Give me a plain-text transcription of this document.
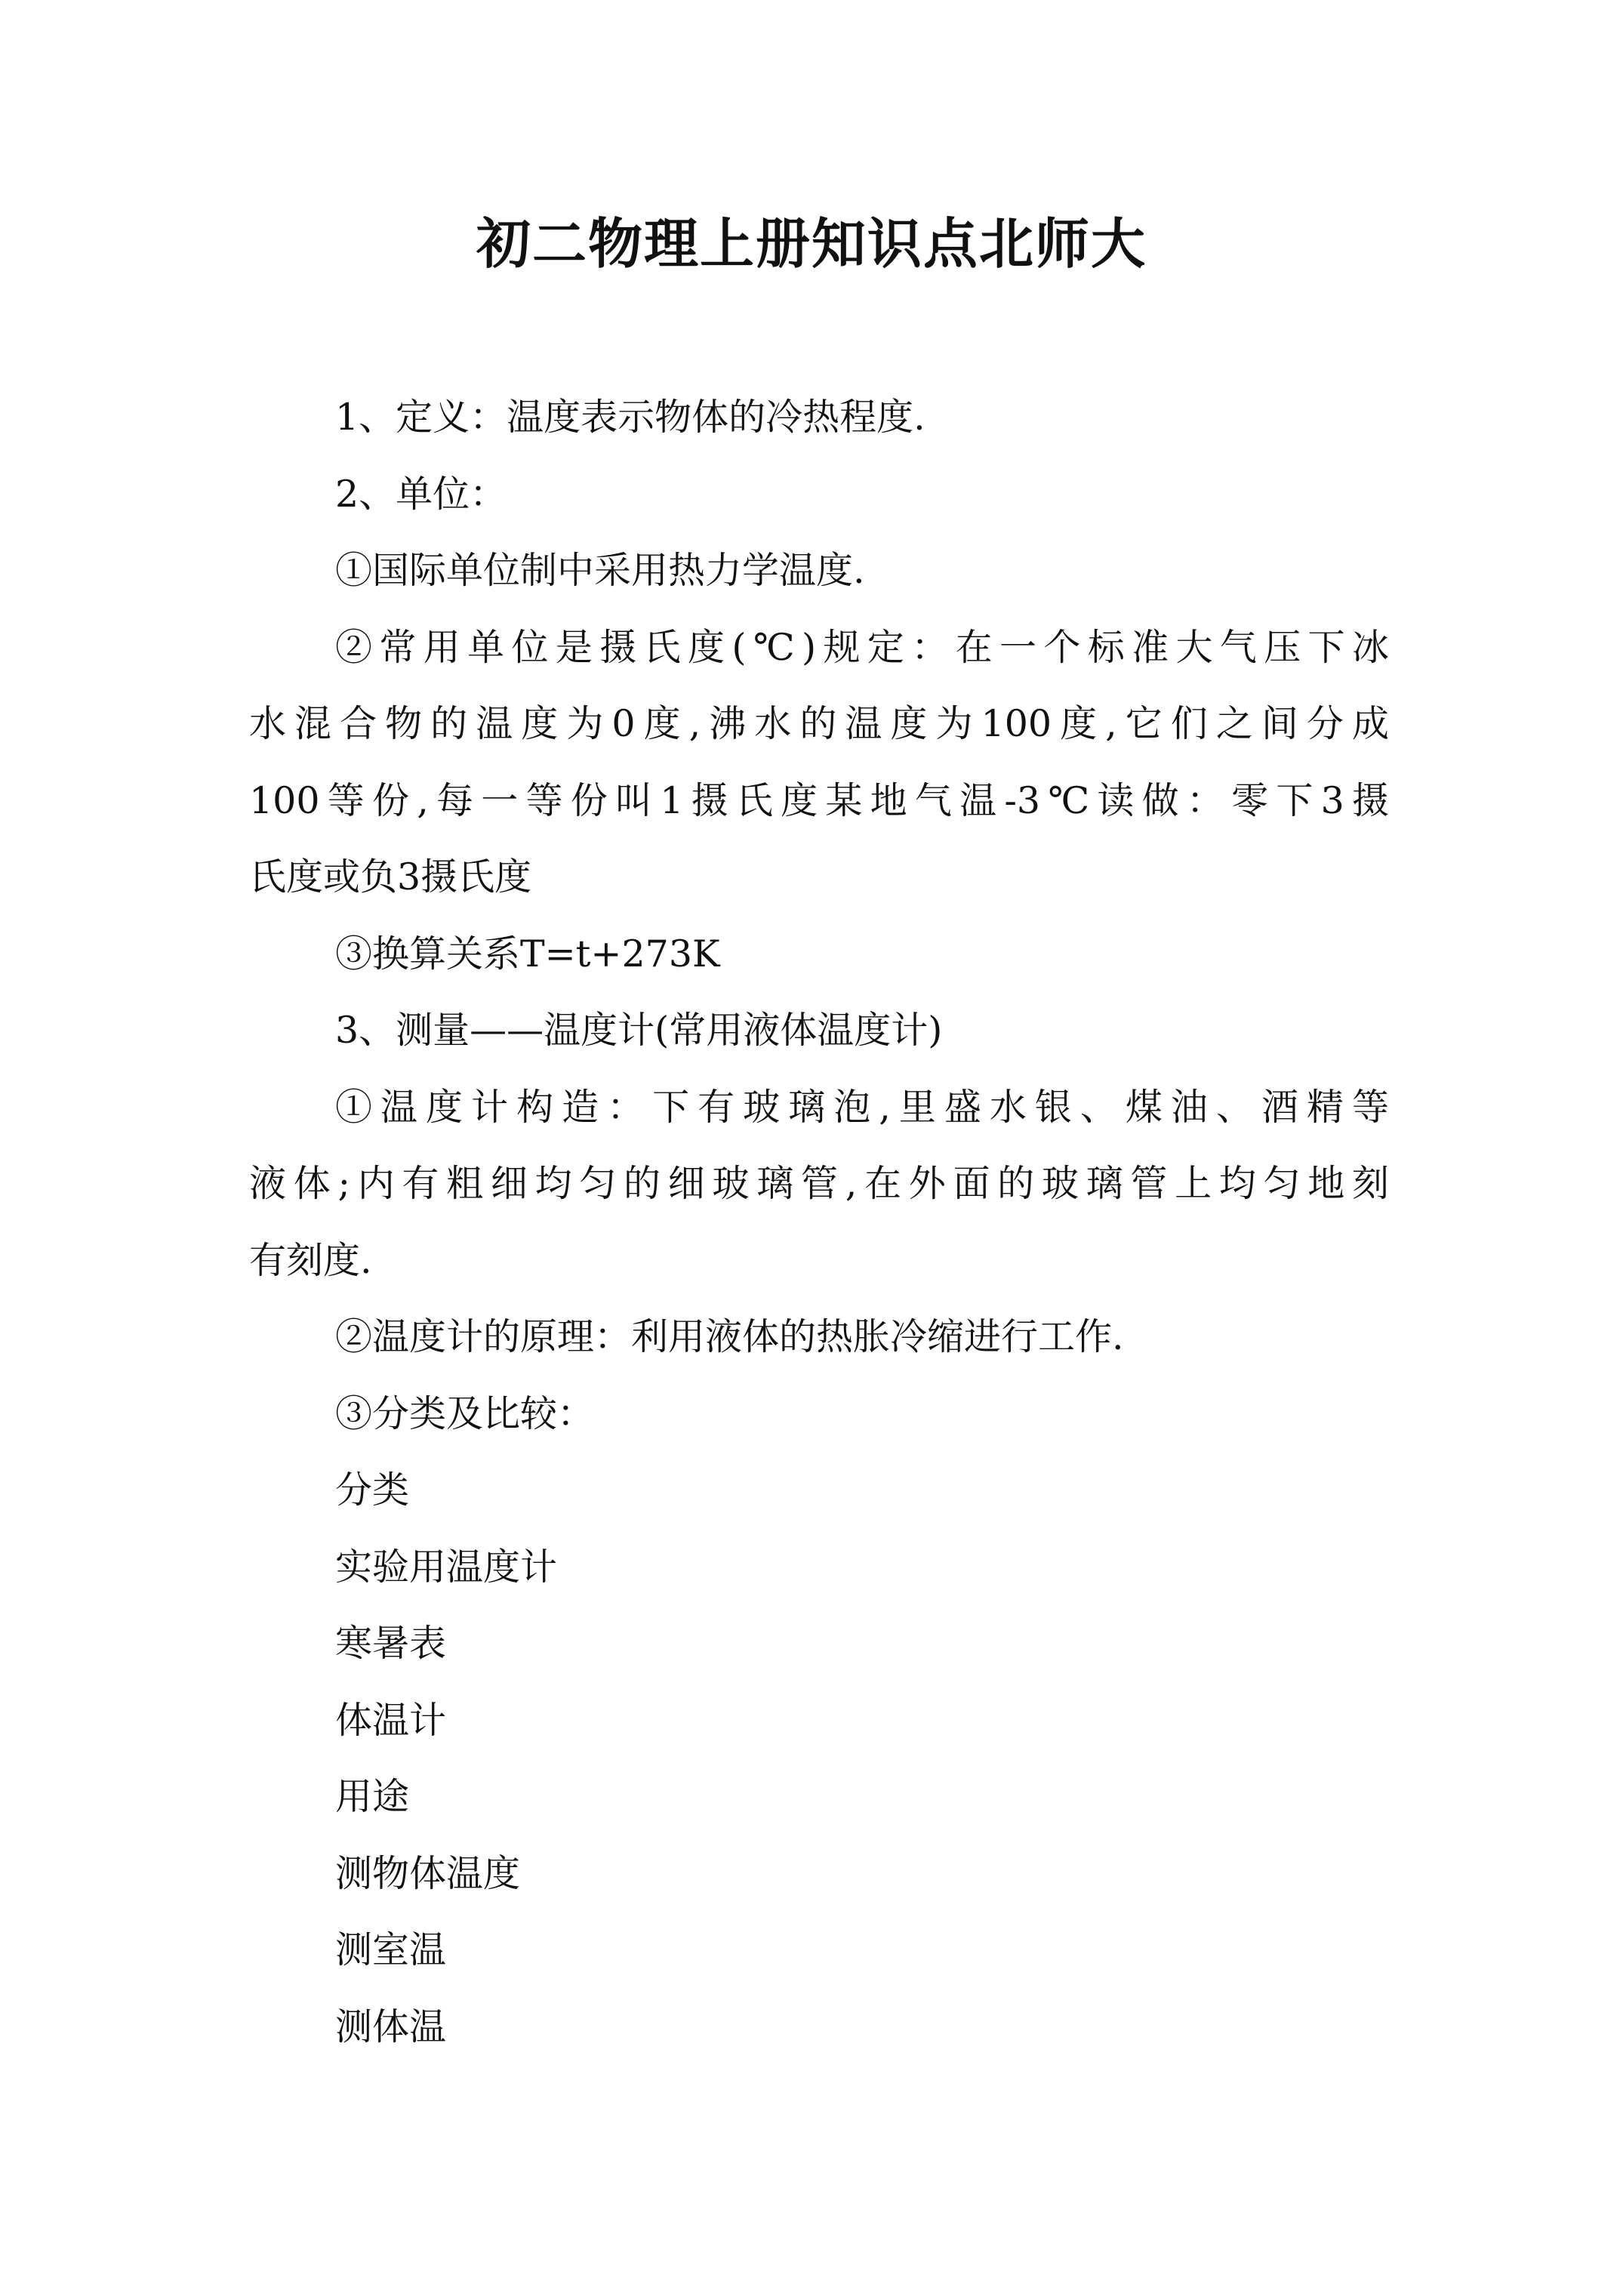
初二物理上册知识点北师大

1、定义：温度表示物体的冷热程度.

2、单位：

①国际单位制中采用热力学温度.

②常用单位是摄氏度(℃)规定：在一个标准大气压下冰
水混合物的温度为0度,沸水的温度为100度,它们之间分成
100等份,每一等份叫1摄氏度某地气温-3℃读做：零下3摄
氏度或负3摄氏度

③换算关系T=t+273K

3、测量——温度计(常用液体温度计)

①温度计构造：下有玻璃泡,里盛水银、煤油、酒精等
液体;内有粗细均匀的细玻璃管,在外面的玻璃管上均匀地刻
有刻度.

②温度计的原理：利用液体的热胀冷缩进行工作.

③分类及比较：

分类

实验用温度计

寒暑表

体温计

用途

测物体温度

测室温

测体温
